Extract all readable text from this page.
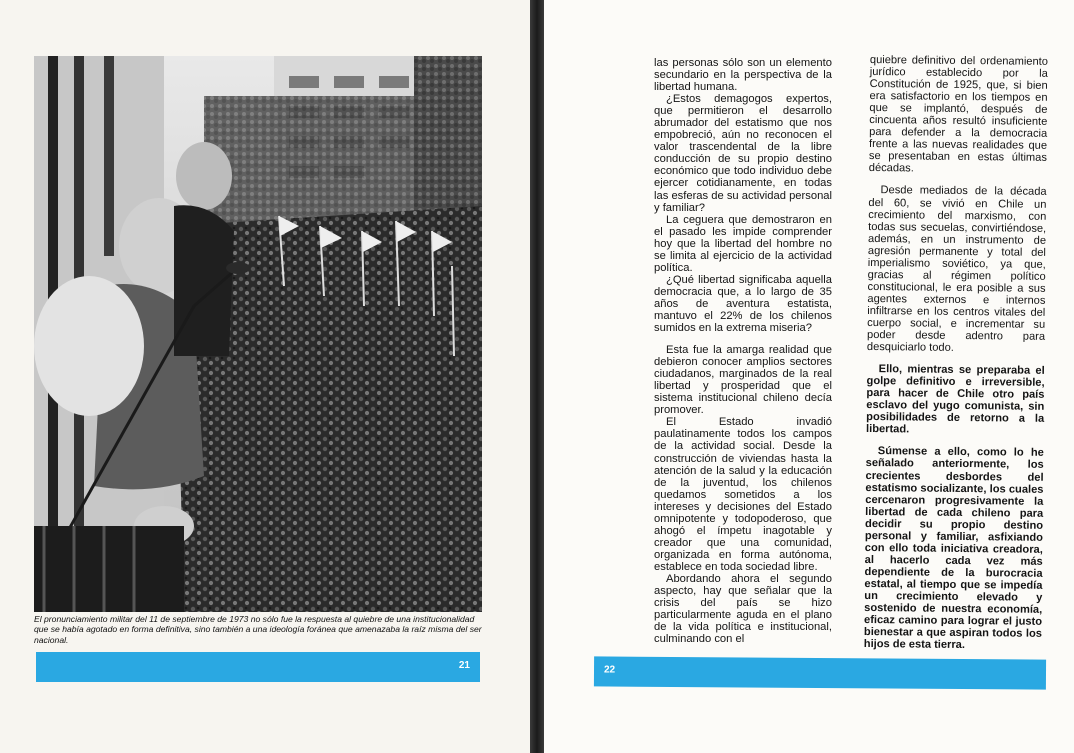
El pronunciamiento militar del 11 de septiembre de 1973 no sólo fue la respuesta al quiebre de una institucionalidad que se había agotado en forma definitiva, sino también a una ideología foránea que amenazaba la raíz misma del ser nacional.
21

las personas sólo son un elemento secundario en la perspectiva de la libertad humana.

¿Estos demagogos expertos, que permitieron el desarrollo abrumador del estatismo que nos empobreció, aún no reconocen el valor trascendental de la libre conducción de su propio destino económico que todo individuo debe ejercer cotidianamente, en todas las esferas de su actividad personal y familiar?

La ceguera que demostraron en el pasado les impide comprender hoy que la libertad del hombre no se limita al ejercicio de la actividad política.

¿Qué libertad significaba aquella democracia que, a lo largo de 35 años de aventura estatista, mantuvo el 22% de los chilenos sumidos en la extrema miseria?

Esta fue la amarga realidad que debieron conocer amplios sectores ciudadanos, marginados de la real libertad y prosperidad que el sistema institucional chileno decía promover.

El Estado invadió paulatinamente todos los campos de la actividad social. Desde la construcción de viviendas hasta la atención de la salud y la educación de la juventud, los chilenos quedamos sometidos a los intereses y decisiones del Estado omnipotente y todopoderoso, que ahogó el ímpetu inagotable y creador que una comunidad, organizada en forma autónoma, establece en toda sociedad libre.

Abordando ahora el segundo aspecto, hay que señalar que la crisis del país se hizo particularmente aguda en el plano de la vida política e institucional, culminando con el

quiebre definitivo del ordenamiento jurídico establecido por la Constitución de 1925, que, si bien era satisfactorio en los tiempos en que se implantó, después de cincuenta años resultó insuficiente para defender a la democracia frente a las nuevas realidades que se presentaban en estas últimas décadas.

Desde mediados de la década del 60, se vivió en Chile un crecimiento del marxismo, con todas sus secuelas, convirtiéndose, además, en un instrumento de agresión permanente y total del imperialismo soviético, ya que, gracias al régimen político constitucional, le era posible a sus agentes externos e internos infiltrarse en los centros vitales del cuerpo social, e incrementar su poder desde adentro para desquiciarlo todo.

Ello, mientras se preparaba el golpe definitivo e irreversible, para hacer de Chile otro país esclavo del yugo comunista, sin posibilidades de retorno a la libertad.

Súmense a ello, como lo he señalado anteriormente, los crecientes desbordes del estatismo socializante, los cuales cercenaron progresivamente la libertad de cada chileno para decidir su propio destino personal y familiar, asfixiando con ello toda iniciativa creadora, al hacerlo cada vez más dependiente de la burocracia estatal, al tiempo que se impedía un crecimiento elevado y sostenido de nuestra economía, eficaz camino para lograr el justo bienestar a que aspiran todos los hijos de esta tierra.

22
